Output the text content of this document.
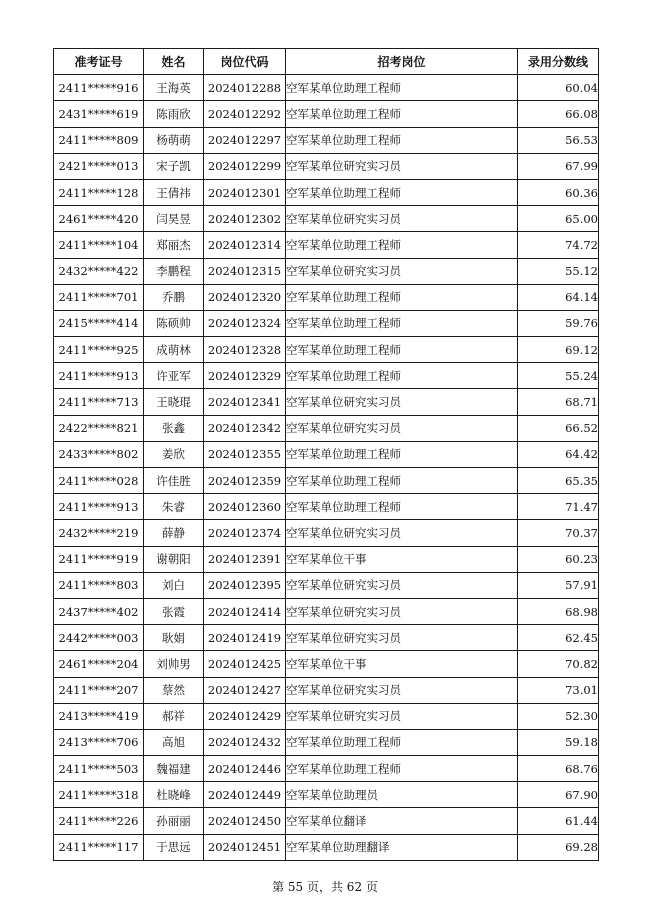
准考证号	姓名	岗位代码	招考岗位	录用分数线
2411*****916	王海英	2024012288	空军某单位助理工程师	60.04
2431*****619	陈雨欣	2024012292	空军某单位助理工程师	66.08
2411*****809	杨萌萌	2024012297	空军某单位助理工程师	56.53
2421*****013	宋子凯	2024012299	空军某单位研究实习员	67.99
2411*****128	王倩祎	2024012301	空军某单位助理工程师	60.36
2461*****420	闫昊昱	2024012302	空军某单位研究实习员	65.00
2411*****104	郑丽杰	2024012314	空军某单位助理工程师	74.72
2432*****422	李鹏程	2024012315	空军某单位研究实习员	55.12
2411*****701	乔鹏	2024012320	空军某单位助理工程师	64.14
2415*****414	陈硕帅	2024012324	空军某单位助理工程师	59.76
2411*****925	成萌林	2024012328	空军某单位助理工程师	69.12
2411*****913	许亚军	2024012329	空军某单位助理工程师	55.24
2411*****713	王晓琨	2024012341	空军某单位研究实习员	68.71
2422*****821	张鑫	2024012342	空军某单位研究实习员	66.52
2433*****802	姜欣	2024012355	空军某单位助理工程师	64.42
2411*****028	许佳胜	2024012359	空军某单位助理工程师	65.35
2411*****913	朱睿	2024012360	空军某单位助理工程师	71.47
2432*****219	薛静	2024012374	空军某单位研究实习员	70.37
2411*****919	谢朝阳	2024012391	空军某单位干事	60.23
2411*****803	刘白	2024012395	空军某单位研究实习员	57.91
2437*****402	张霞	2024012414	空军某单位研究实习员	68.98
2442*****003	耿娟	2024012419	空军某单位研究实习员	62.45
2461*****204	刘帅男	2024012425	空军某单位干事	70.82
2411*****207	蔡然	2024012427	空军某单位研究实习员	73.01
2413*****419	郝祥	2024012429	空军某单位研究实习员	52.30
2413*****706	高旭	2024012432	空军某单位助理工程师	59.18
2411*****503	魏福建	2024012446	空军某单位助理工程师	68.76
2411*****318	杜晓峰	2024012449	空军某单位助理员	67.90
2411*****226	孙丽丽	2024012450	空军某单位翻译	61.44
2411*****117	于思远	2024012451	空军某单位助理翻译	69.28
第 55 页，共 62 页
